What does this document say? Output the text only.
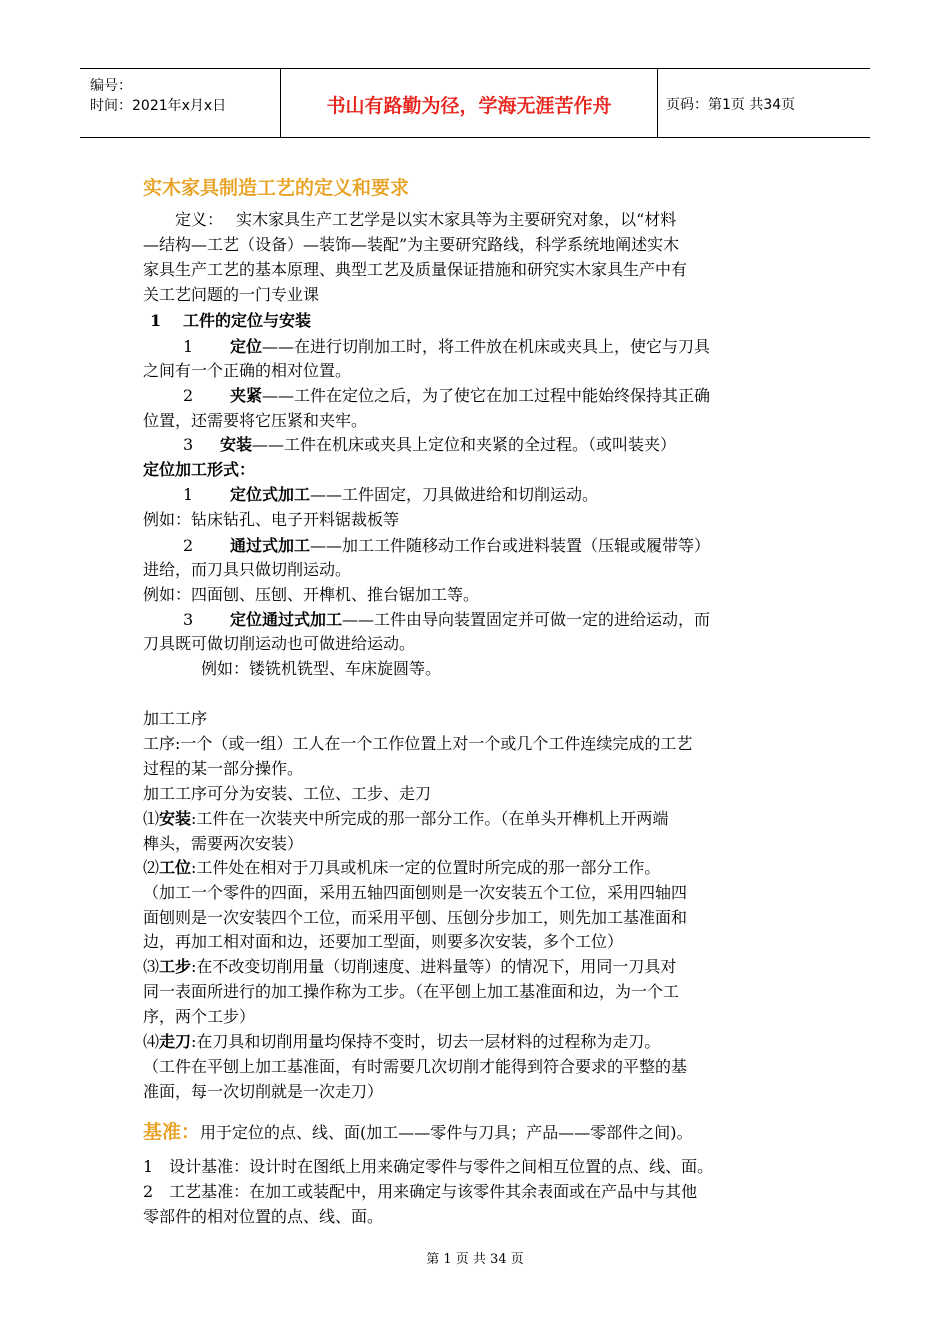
编号：
时间：2021年x月x日	书山有路勤为径，学海无涯苦作舟	页码：第1页 共34页
实木家具制造工艺的定义和要求
定义：　 实木家具生产工艺学是以实木家具等为主要研究对象，以“材料
—结构—工艺（设备）—装饰—装配”为主要研究路线，科学系统地阐述实木
家具生产工艺的基本原理、典型工艺及质量保证措施和研究实木家具生产中有
关工艺问题的一门专业课
1 工件的定位与安装
1 定位——在进行切削加工时，将工件放在机床或夹具上，使它与刀具
之间有一个正确的相对位置。
2 夹紧——工件在定位之后，为了使它在加工过程中能始终保持其正确
位置，还需要将它压紧和夹牢。
3 安装——工件在机床或夹具上定位和夹紧的全过程。（或叫装夹）
定位加工形式：
1 定位式加工——工件固定，刀具做进给和切削运动。
例如：钻床钻孔、电子开料锯裁板等
2 通过式加工——加工工件随移动工作台或进料装置（压辊或履带等）
进给，而刀具只做切削运动。
例如：四面刨、压刨、开榫机、推台锯加工等。
3 定位通过式加工——工件由导向装置固定并可做一定的进给运动，而
刀具既可做切削运动也可做进给运动。
例如：镂铣机铣型、车床旋圆等。
加工工序
工序:一个（或一组）工人在一个工作位置上对一个或几个工件连续完成的工艺
过程的某一部分操作。
加工工序可分为安装、工位、工步、走刀
⑴安装:工件在一次装夹中所完成的那一部分工作。（在单头开榫机上开两端
榫头，需要两次安装）
⑵工位:工件处在相对于刀具或机床一定的位置时所完成的那一部分工作。
（加工一个零件的四面，采用五轴四面刨则是一次安装五个工位，采用四轴四
面刨则是一次安装四个工位，而采用平刨、压刨分步加工，则先加工基准面和
边，再加工相对面和边，还要加工型面，则要多次安装，多个工位）
⑶工步:在不改变切削用量（切削速度、进料量等）的情况下，用同一刀具对
同一表面所进行的加工操作称为工步。（在平刨上加工基准面和边，为一个工
序，两个工步）
⑷走刀:在刀具和切削用量均保持不变时，切去一层材料的过程称为走刀。
（工件在平刨上加工基准面，有时需要几次切削才能得到符合要求的平整的基
准面，每一次切削就是一次走刀）
基准：用于定位的点、线、面(加工——零件与刀具；产品——零部件之间)。
1　设计基准：设计时在图纸上用来确定零件与零件之间相互位置的点、线、面。
2　工艺基准：在加工或装配中，用来确定与该零件其余表面或在产品中与其他
零部件的相对位置的点、线、面。
第 1 页 共 34 页
